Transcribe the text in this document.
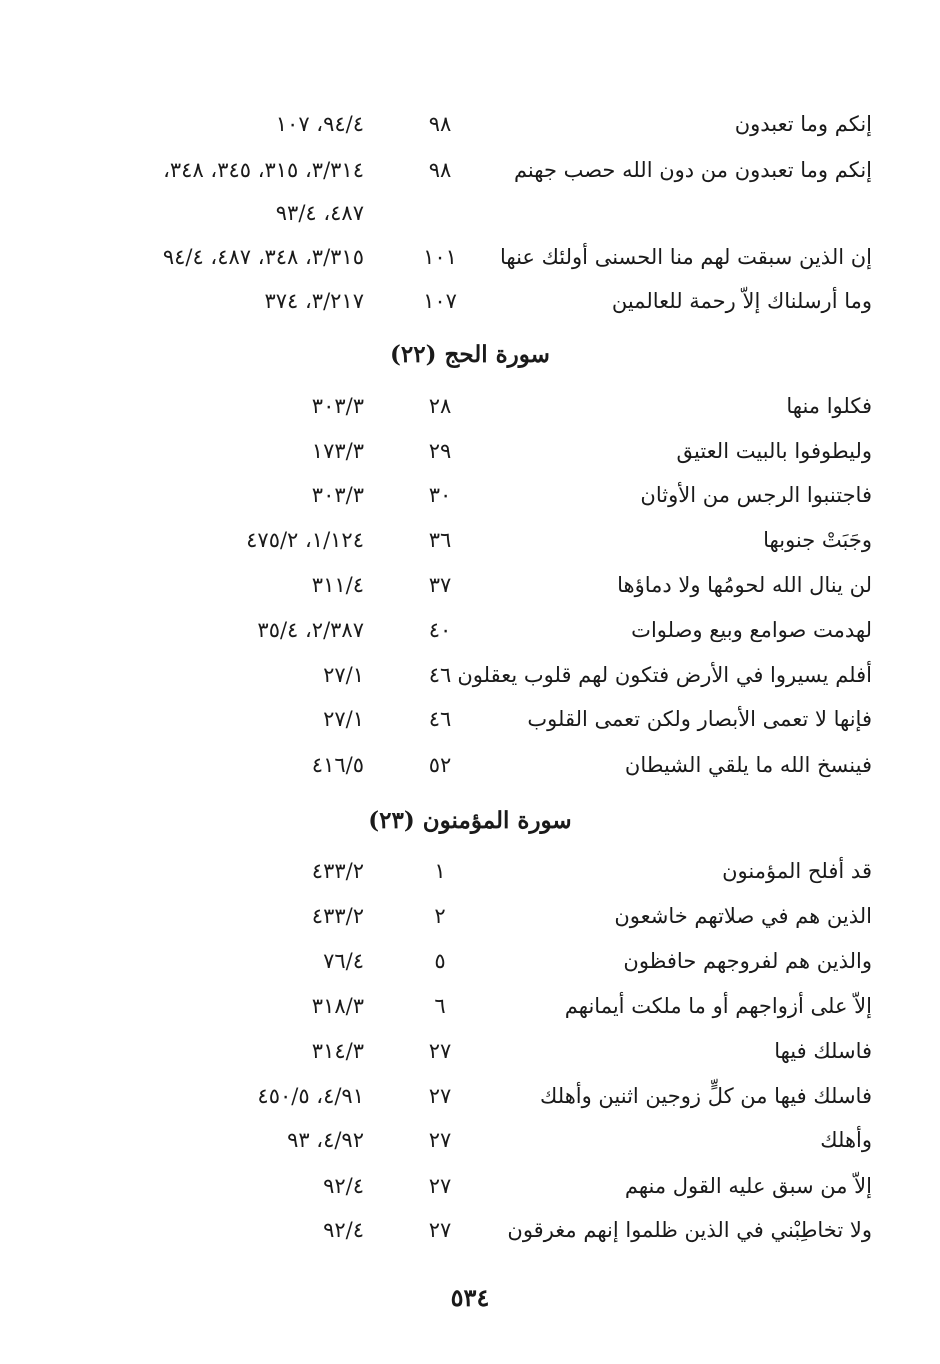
إنكم وما تعبدون
٩٨
٩٤/٤، ١٠٧
إنكم وما تعبدون من دون الله حصب جهنم
٩٨
٣/٣١٤، ٣١٥، ٣٤٥، ٣٤٨،
٤٨٧، ٩٣/٤
إن الذين سبقت لهم منا الحسنى أولئك عنها
١٠١
٣/٣١٥، ٣٤٨، ٤٨٧، ٩٤/٤
وما أرسلناك إلاّ رحمة للعالمين
١٠٧
٣/٢١٧، ٣٧٤
سورة الحج (٢٢)
فكلوا منها
٢٨
٣٠٣/٣
وليطوفوا بالبيت العتيق
٢٩
١٧٣/٣
فاجتنبوا الرجس من الأوثان
٣٠
٣٠٣/٣
وجَبَتْ جنوبها
٣٦
١/١٢٤، ٤٧٥/٢
لن ينال الله لحومُها ولا دماؤها
٣٧
٣١١/٤
لهدمت صوامع وبيع وصلوات
٤٠
٢/٣٨٧، ٣٥/٤
أفلم يسيروا في الأرض فتكون لهم قلوب يعقلون
٤٦
٢٧/١
فإنها لا تعمى الأبصار ولكن تعمى القلوب
٤٦
٢٧/١
فينسخ الله ما يلقي الشيطان
٥٢
٤١٦/٥
سورة المؤمنون (٢٣)
قد أفلح المؤمنون
١
٤٣٣/٢
الذين هم في صلاتهم خاشعون
٢
٤٣٣/٢
والذين هم لفروجهم حافظون
٥
٧٦/٤
إلاّ على أزواجهم أو ما ملكت أيمانهم
٦
٣١٨/٣
فاسلك فيها
٢٧
٣١٤/٣
فاسلك فيها من كلٍّ زوجين اثنين وأهلك
٢٧
٤/٩١، ٤٥٠/٥
وأهلك
٢٧
٤/٩٢، ٩٣
إلاّ من سبق عليه القول منهم
٢٧
٩٢/٤
ولا تخاطِبْني في الذين ظلموا إنهم مغرقون
٢٧
٩٢/٤
٥٣٤
